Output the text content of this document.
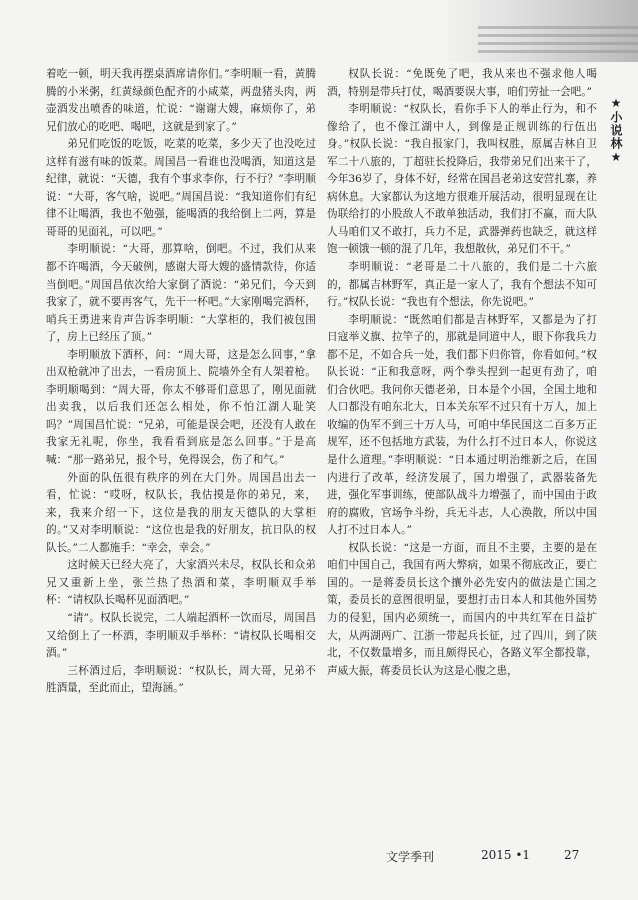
★小说林★

着吃一顿，明天我再摆桌酒席请你们。”李明顺一看，黄腾腾的小米粥，红黄绿颜色配齐的小咸菜，两盘猪头肉，两壶酒发出喷香的味道，忙说：“谢谢大嫂，麻烦你了，弟兄们放心的吃吧、喝吧，这就是到家了。”

弟兄们吃饭的吃饭，吃菜的吃菜，多少天了也没吃过这样有滋有味的饭菜。周国昌一看谁也没喝酒，知道这是纪律，就说：“天德，我有个事求李你，行不行？”李明顺说：“大哥，客气啥，说吧。”周国昌说：“我知道你们有纪律不让喝酒，我也不勉强，能喝酒的我给倒上二两，算是哥哥的见面礼，可以吧。”

李明顺说：“大哥，那算啥，倒吧。不过，我们从来都不许喝酒，今天破例，感谢大哥大嫂的盛情款待，你适当倒吧。”周国昌依次给大家倒了酒说：“弟兄们，今天到我家了，就不要再客气，先干一杯吧。”大家刚喝完酒杯，哨兵王勇进来肯声告诉李明顺：“大掌柜的，我们被包围了，房上已经压了顶。”

李明顺放下酒杯，问：“周大哥，这是怎么回事，”拿出双枪就冲了出去，一看房顶上、院墙外全有人架着枪。李明顺喝到：“周大哥，你太不够哥们意思了，刚见面就出卖我，以后我们还怎么相处，你不怕江湖人耻笑吗？”周国昌忙说：“兄弟，可能是误会吧，还没有人敢在我家无礼呢，你坐，我看看到底是怎么回事。”于是高喊：“那一路弟兄，报个号，免得误会，伤了和气。”

外面的队伍很有秩序的列在大门外。周国昌出去一看，忙说：“哎呀，权队长，我估摸是你的弟兄，来，来，我来介绍一下，这位是我的朋友天德队的大掌柜的。”又对李明顺说：“这位也是我的好朋友，抗日队的权队长。”二人都施手：“幸会，幸会。”

这时候天已经大亮了，大家酒兴未尽，权队长和众弟兄又重新上坐，张兰热了热酒和菜，李明顺双手举杯：“请权队长喝杯见面酒吧。”

“请”。权队长说完，二人端起酒杯一饮而尽，周国昌又给倒上了一杯酒，李明顺双手举杯：“请权队长喝相交酒。”

三杯酒过后，李明顺说：“权队长，周大哥，兄弟不胜酒量，至此而止，望海涵。”

权队长说：“免既免了吧，我从来也不强求他人喝酒，特别是带兵打仗，喝酒要误大事，咱们劳扯一会吧。”

李明顺说：“权队长，看你手下人的举止行为，和不像给了，也不像江湖中人，到像是正规训练的行伍出身。”权队长说：“我自报家门，我叫权胜，原属吉林自卫军二十八旅的，丁超驻长投降后，我带弟兄们出来干了，今年36岁了，身体不好，经常在国昌老弟这安营扎寨，养病休息。大家都认为这地方很难开展活动，很明显现在让伪联给打的小股敌人不敢单独活动，我们打不赢，而大队人马咱们又不敢打，兵力不足，武器弹药也缺乏，就这样饱一顿饿一顿的混了几年，我想散伙，弟兄们不干。”

李明顺说：“老哥是二十八旅的，我们是二十六旅的，都属吉林野军，真正是一家人了，我有个想法不知可行。”权队长说：“我也有个想法，你先说吧。”

李明顺说：“既然咱们都是吉林野军，又都是为了打日寇举义旗、拉竿子的，那就是同道中人，眼下你我兵力都不足，不如合兵一处，我们都下归你管，你看如何。”权队长说：“正和我意呀，两个拳头捏到一起更有劲了，咱们合伙吧。我问你天德老弟，日本是个小国，全国土地和人口都没有咱东北大，日本关东军不过只有十万人，加上收编的伪军不到三十万人马，可咱中华民国这二百多万正规军，还不包括地方武装，为什么打不过日本人，你说这是什么道理。”李明顺说：“日本通过明治维新之后，在国内进行了改革，经济发展了，国力增强了，武器装备先进，强化军事训练，使部队战斗力增强了，而中国由于政府的腐败，官场争斗纷，兵无斗志，人心涣散，所以中国人打不过日本人。”

权队长说：“这是一方面，而且不主要，主要的是在咱们中国自己，我国有两大弊病，如果不彻底改正，要亡国的。一是蒋委员长这个攘外必先安内的做法是亡国之策，委员长的意图很明显，要想打击日本人和其他外国势力的侵犯，国内必须统一，而国内的中共红军在日益扩大，从两湖两广、江浙一带起兵长征，过了四川，到了陕北，不仅数量增多，而且颇得民心，各路义军全都投靠，声威大振，蒋委员长认为这是心腹之患，

文学季刊	2015 •1	27
